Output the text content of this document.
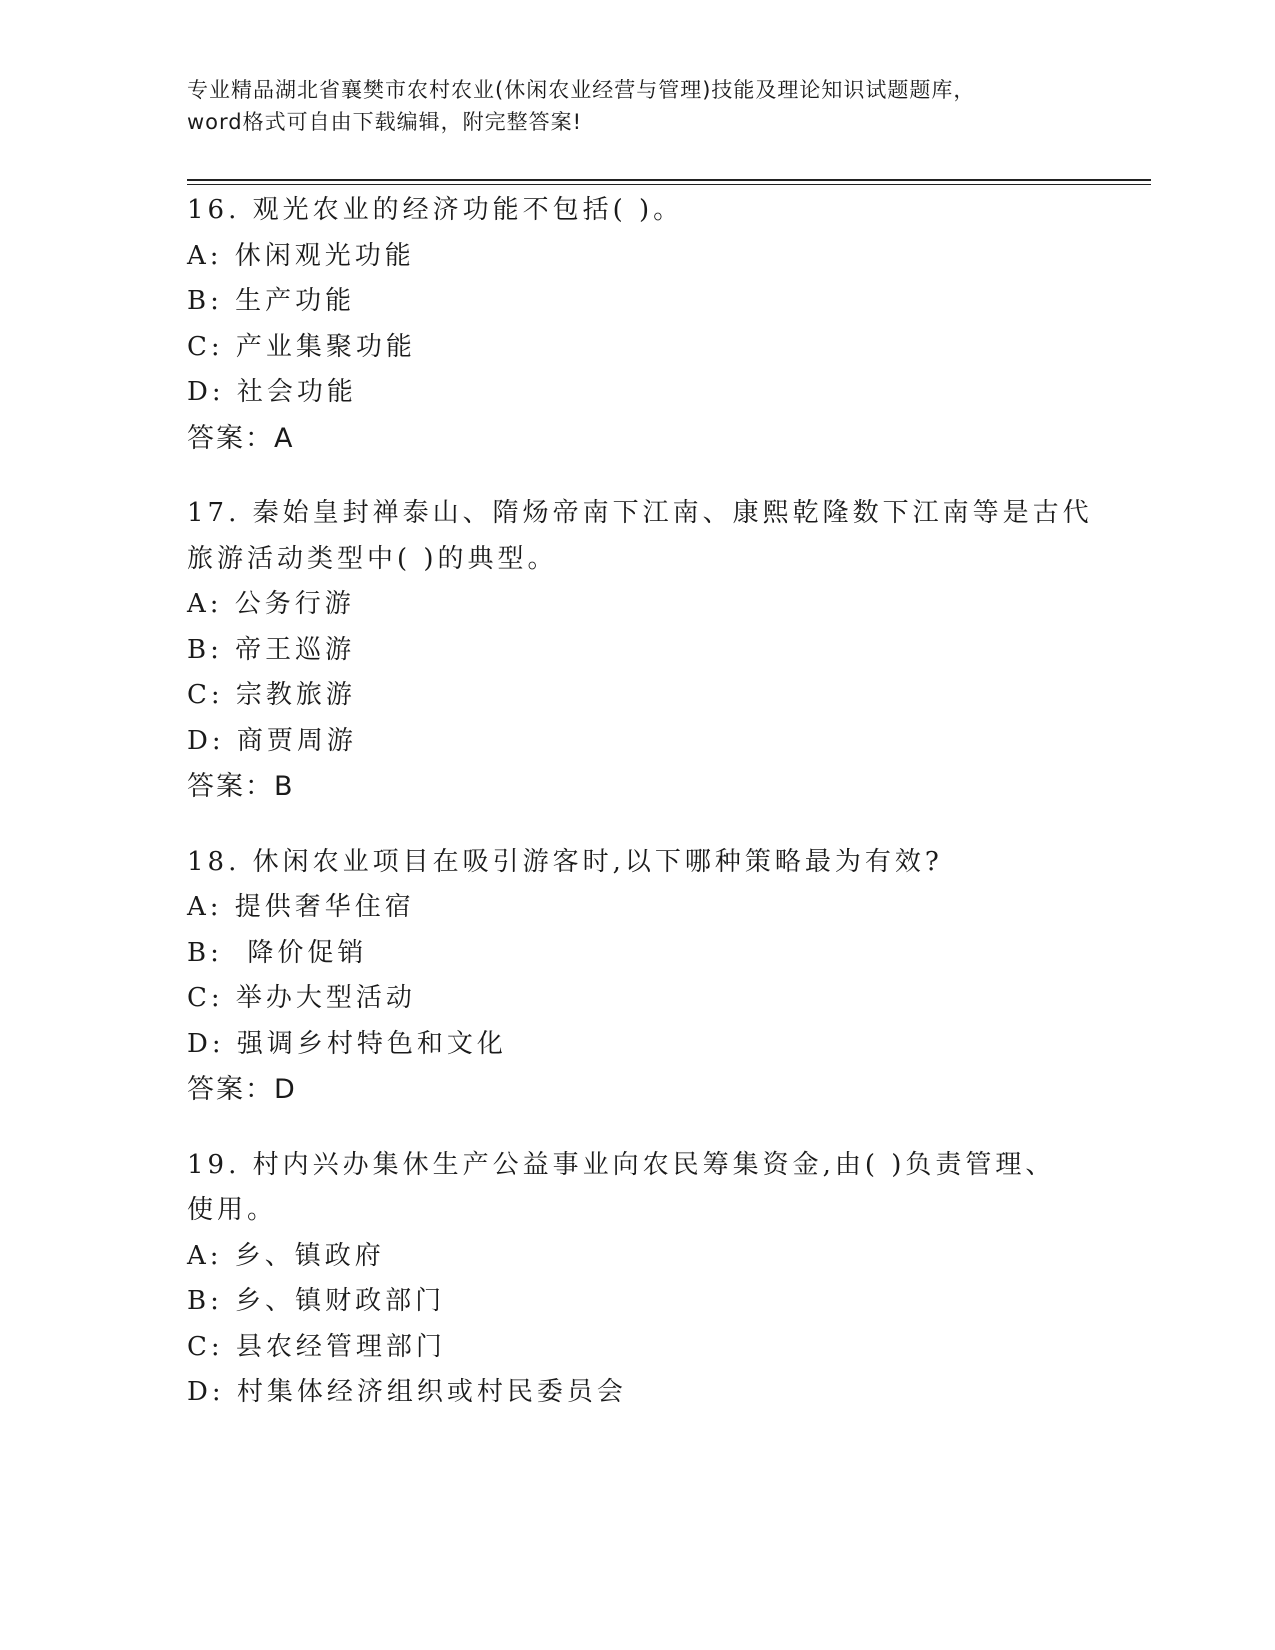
专业精品湖北省襄樊市农村农业(休闲农业经营与管理)技能及理论知识试题题库，
word格式可自由下载编辑，附完整答案!
16. 观光农业的经济功能不包括( )。
A: 休闲观光功能
B: 生产功能
C: 产业集聚功能
D: 社会功能
答案：A
17. 秦始皇封禅泰山、隋炀帝南下江南、康熙乾隆数下江南等是古代
旅游活动类型中( )的典型。
A: 公务行游
B: 帝王巡游
C: 宗教旅游
D: 商贾周游
答案：B
18. 休闲农业项目在吸引游客时,以下哪种策略最为有效?
A: 提供奢华住宿
B:  降价促销
C: 举办大型活动
D: 强调乡村特色和文化
答案：D
19. 村内兴办集休生产公益事业向农民筹集资金,由( )负责管理、
使用。
A: 乡、镇政府
B: 乡、镇财政部门
C: 县农经管理部门
D: 村集体经济组织或村民委员会
